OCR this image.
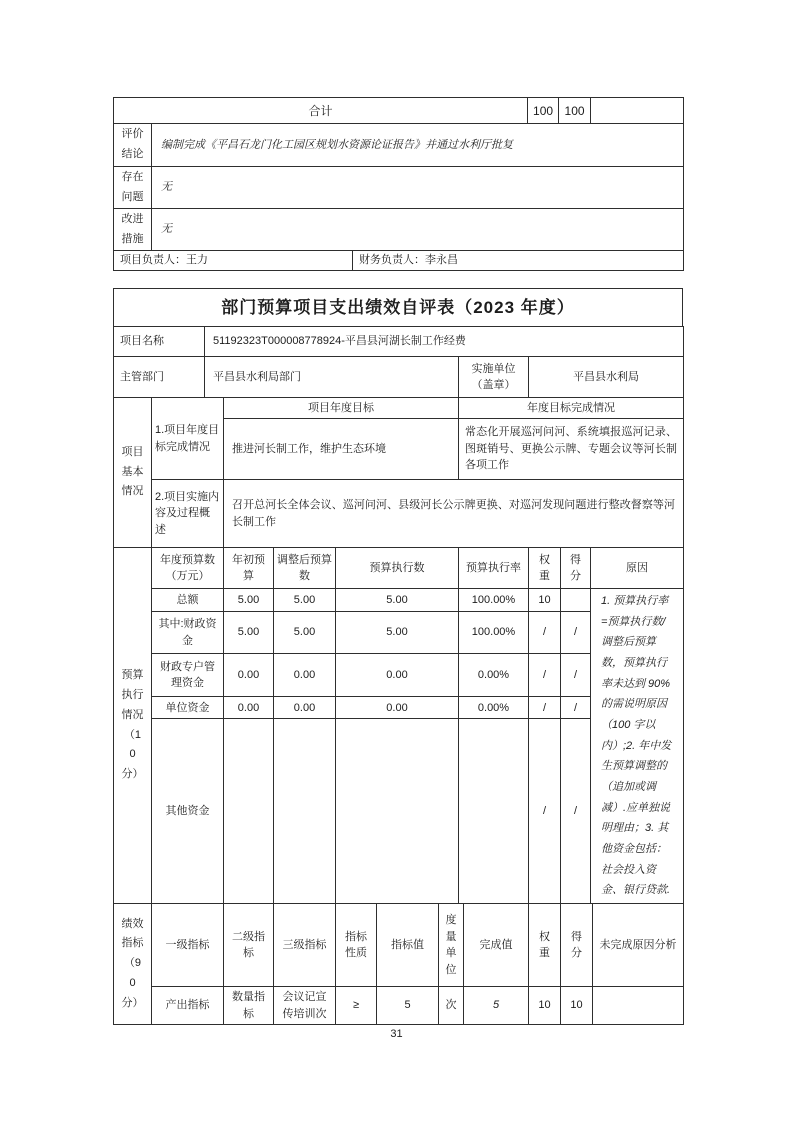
合计			100	100	
评价结论	编制完成《平昌石龙门化工园区规划水资源论证报告》并通过水利厅批复				
存在问题	无				
改进措施	无				
项目负责人：王力		财务负责人：李永昌			
部门预算项目支出绩效自评表（2023 年度）
项目名称	51192323T000008778924-平昌县河湖长制工作经费		
主管部门	平昌县水利局部门	实施单位（盖章）	平昌县水利局
项目基本情况	1.项目年度目标完成情况	项目年度目标	年度目标完成情况
		推进河长制工作，维护生态环境	常态化开展巡河问河、系统填报巡河记录、图斑销号、更换公示牌、专题会议等河长制各项工作
	2.项目实施内容及过程概述	召开总河长全体会议、巡河问河、县级河长公示牌更换、对巡河发现问题进行整改督察等河长制工作	
预算执行情况（10 分）	年度预算数（万元）	年初预算	调整后预算数	预算执行数	预算执行率	权重	得分	原因
	总额	5.00	5.00	5.00	100.00%	10		1. 预算执行率=预算执行数/调整后预算数，预算执行率未达到 90%的需说明原因（100 字以内）;2. 年中发生预算调整的（追加或调减）.应单独说明理由；3. 其他资金包括：社会投入资金、银行贷款.
	其中:财政资金	5.00	5.00	5.00	100.00%	/	/	
	财政专户管理资金	0.00	0.00	0.00	0.00%	/	/	
	单位资金	0.00	0.00	0.00	0.00%	/	/	
	其他资金					/	/	
绩效指标（90 分）	一级指标	二级指标	三级指标	指标性质	指标值	度量单位	完成值	权重	得分	未完成原因分析
	产出指标	数量指标	会议记宣传培训次	≥	5	次	5	10	10	
31
